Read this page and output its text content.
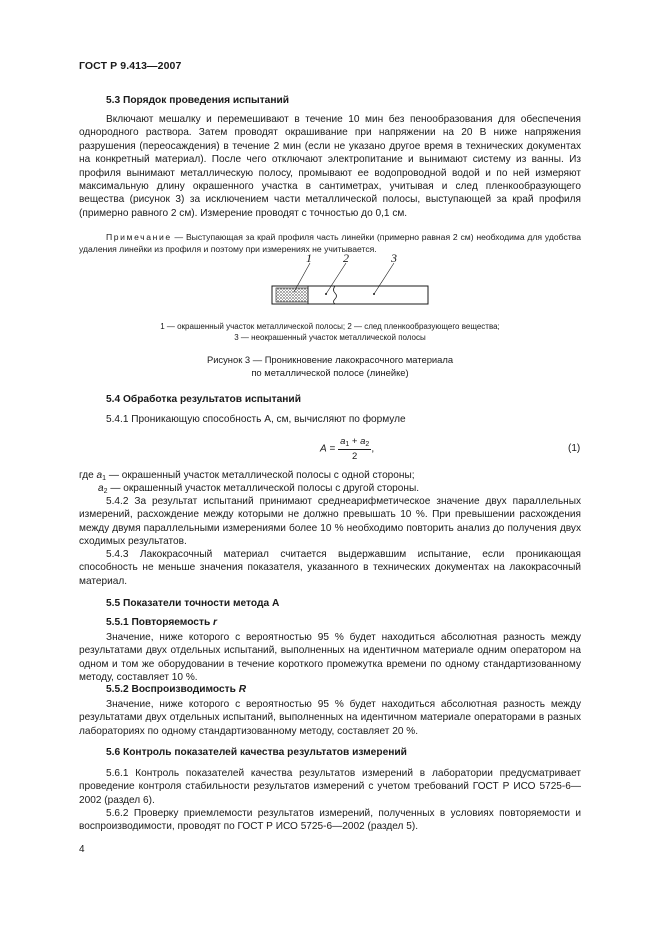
ГОСТ Р 9.413—2007
5.3 Порядок проведения испытаний

Включают мешалку и перемешивают в течение 10 мин без пенообразования для обеспечения однородного раствора. Затем проводят окрашивание при напряжении на 20 В ниже напряжения разрушения (переосаждения) в течение 2 мин (если не указано другое время в технических документах на конкретный материал). После чего отключают электропитание и вынимают систему из ванны. Из профиля вынимают металлическую полосу, промывают ее водопроводной водой и по ней измеряют максимальную длину окрашенного участка в сантиметрах, учитывая и след пленкообразующего вещества (рисунок 3) за исключением части металлической полосы, выступающей за край профиля (примерно равного 2 см). Измерение проводят с точностью до 0,1 см.

Примечание — Выступающая за край профиля часть линейки (примерно равная 2 см) необходима для удобства удаления линейки из профиля и поэтому при измерениях не учитывается.

1	2	3
1 — окрашенный участок металлической полосы; 2 — след пленкообразующего вещества;
3 — неокрашенный участок металлической полосы
Рисунок 3 — Проникновение лакокрасочного материала
по металлической полосе (линейке)
5.4 Обработка результатов испытаний

5.4.1 Проникающую способность А, см, вычисляют по формуле

$A = \frac{a_1 + a_2}{2}$ ,	(1)
где $a_1$ — окрашенный участок металлической полосы с одной стороны;
$a_2$ — окрашенный участок металлической полосы с другой стороны.

5.4.2 За результат испытаний принимают среднеарифметическое значение двух параллельных измерений, расхождение между которыми не должно превышать 10 %. При превышении расхождения между двумя параллельными измерениями более 10 % необходимо повторить анализ до получения двух сходимых результатов.

5.4.3 Лакокрасочный материал считается выдержавшим испытание, если проникающая способность не меньше значения показателя, указанного в технических документах на лакокрасочный материал.

5.5 Показатели точности метода А
5.5.1 Повторяемость r

Значение, ниже которого с вероятностью 95 % будет находиться абсолютная разность между результатами двух отдельных испытаний, выполненных на идентичном материале одним оператором на одном и том же оборудовании в течение короткого промежутка времени по одному стандартизованному методу, составляет 10 %.

5.5.2 Воспроизводимость R

Значение, ниже которого с вероятностью 95 % будет находиться абсолютная разность между результатами двух отдельных испытаний, выполненных на идентичном материале операторами в разных лабораториях по одному стандартизованному методу, составляет 20 %.

5.6 Контроль показателей качества результатов измерений

5.6.1 Контроль показателей качества результатов измерений в лаборатории предусматривает проведение контроля стабильности результатов измерений с учетом требований ГОСТ Р ИСО 5725-6—2002 (раздел 6).

5.6.2 Проверку приемлемости результатов измерений, полученных в условиях повторяемости и воспроизводимости, проводят по ГОСТ Р ИСО 5725-6—2002 (раздел 5).

4
